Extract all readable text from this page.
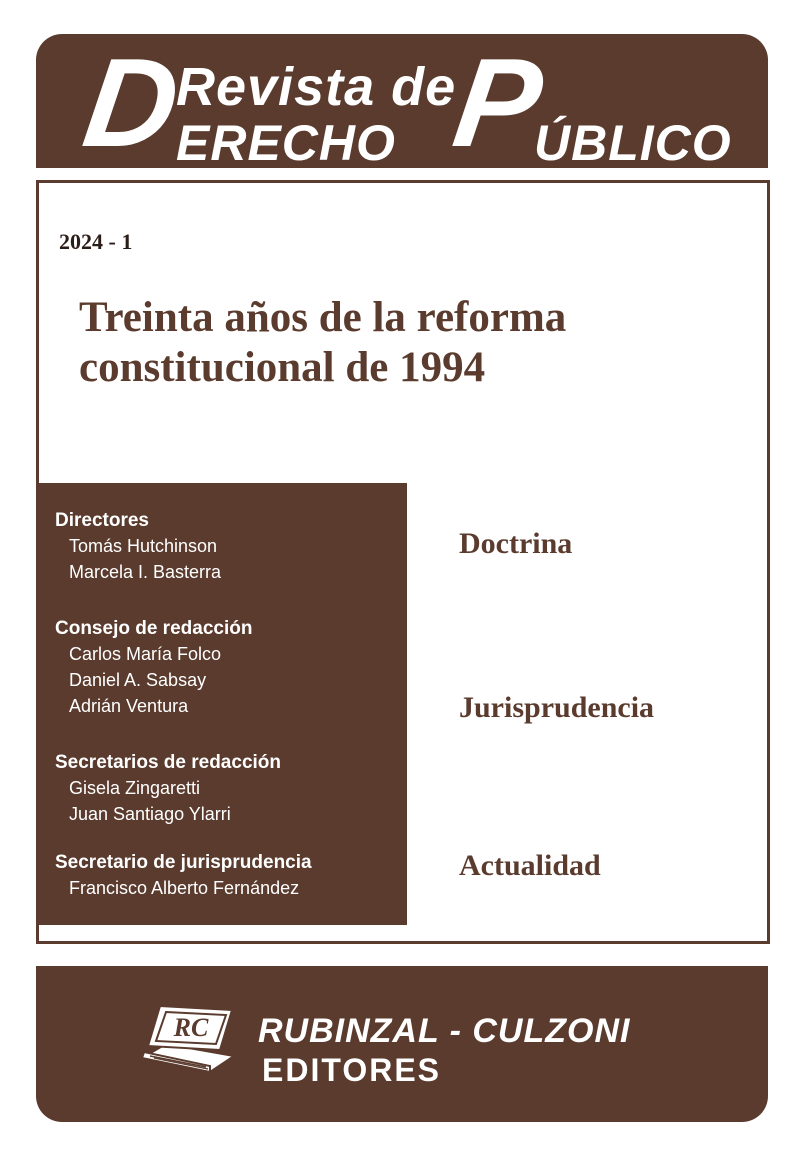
D
Revista de
ERECHO P
ÚBLICO
2024 - 1
Treinta años de la reforma
constitucional de 1994
Directores
Tomás Hutchinson
Marcela I. Basterra
Consejo de redacción
Carlos María Folco
Daniel A. Sabsay
Adrián Ventura
Secretarios de redacción
Gisela Zingaretti
Juan Santiago Ylarri
Secretario de jurisprudencia
Francisco Alberto Fernández
Doctrina
Jurisprudencia
Actualidad
RC RUBINZAL - CULZONI
EDITORES
